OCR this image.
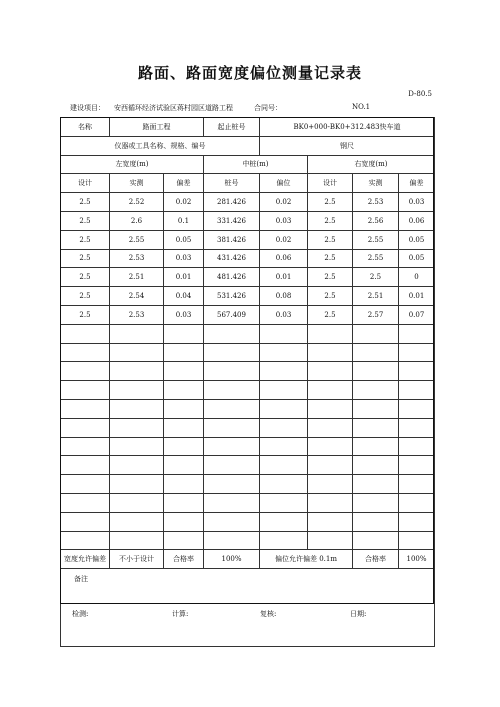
路面、路面宽度偏位测量记录表
D-80.5
建设项目： 安西循环经济试验区蒋村园区道路工程	合同号：	NO.1
名称	路面工程		起止桩号	BK0+000-BK0+312.483快车道			
仪器或工具名称、规格、编号				钢尺			
左宽度(m)			中桩(m)		右宽度(m)		
设计	实测	偏差	桩号	偏位	设计	实测	偏差
2.5	2.52	0.02	281.426	0.02	2.5	2.53	0.03
2.5	2.6	0.1	331.426	0.03	2.5	2.56	0.06
2.5	2.55	0.05	381.426	0.02	2.5	2.55	0.05
2.5	2.53	0.03	431.426	0.06	2.5	2.55	0.05
2.5	2.51	0.01	481.426	0.01	2.5	2.5	0
2.5	2.54	0.04	531.426	0.08	2.5	2.51	0.01
2.5	2.53	0.03	567.409	0.03	2.5	2.57	0.07

宽度允许偏差	不小于设计	合格率	100%	偏位允许偏差 0.1m		合格率	100%
备注							
检测:	计算:	复核:	日期:
